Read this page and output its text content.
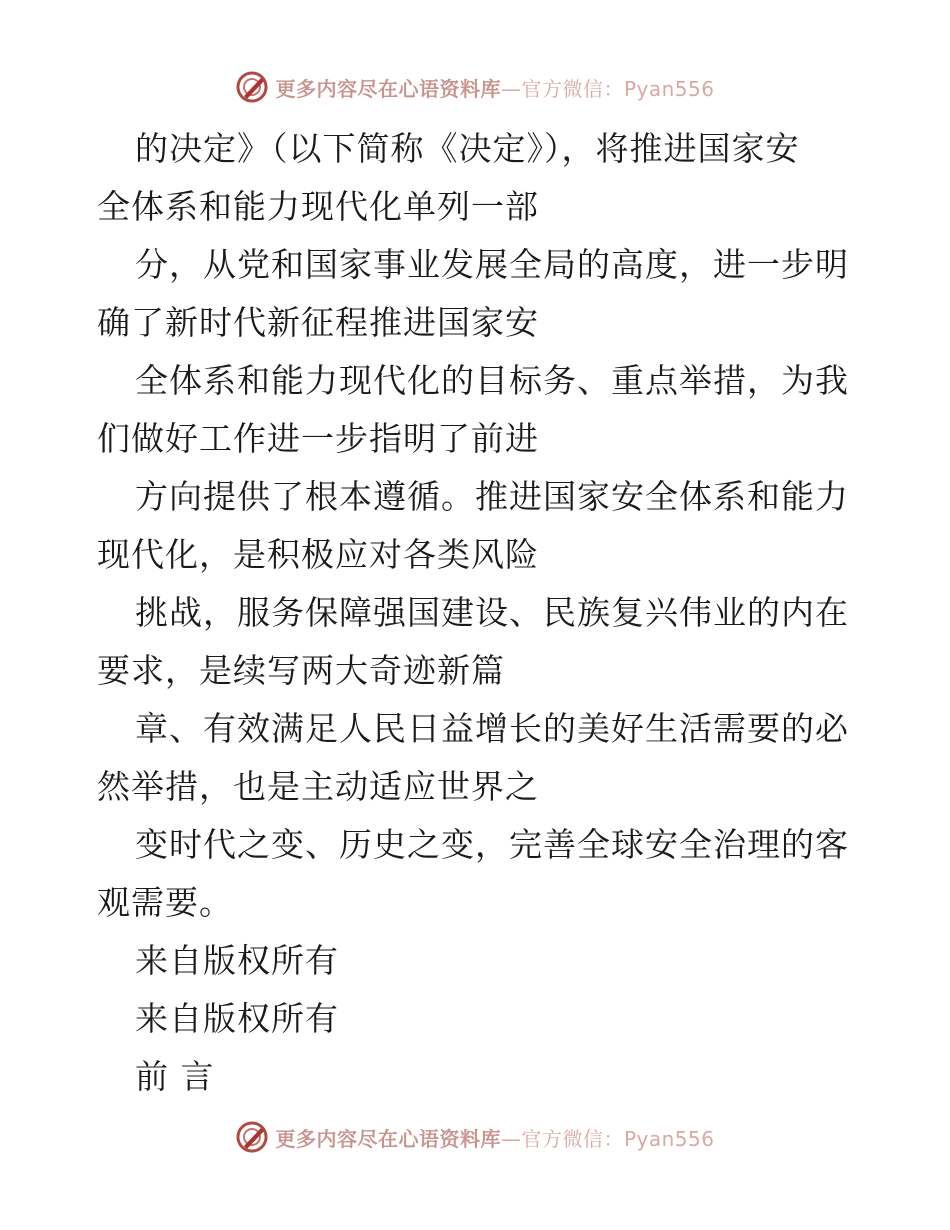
更多内容尽在心语资料库—官方微信：Pyan556
的决定》（以下简称《决定》），将推进国家安
全体系和能力现代化单列一部
分，从党和国家事业发展全局的高度，进一步明
确了新时代新征程推进国家安
全体系和能力现代化的目标务、重点举措，为我
们做好工作进一步指明了前进
方向提供了根本遵循。推进国家安全体系和能力
现代化，是积极应对各类风险
挑战，服务保障强国建设、民族复兴伟业的内在
要求，是续写两大奇迹新篇
章、有效满足人民日益增长的美好生活需要的必
然举措，也是主动适应世界之
变时代之变、历史之变，完善全球安全治理的客
观需要。
来自版权所有
来自版权所有
前 言
更多内容尽在心语资料库—官方微信：Pyan556
